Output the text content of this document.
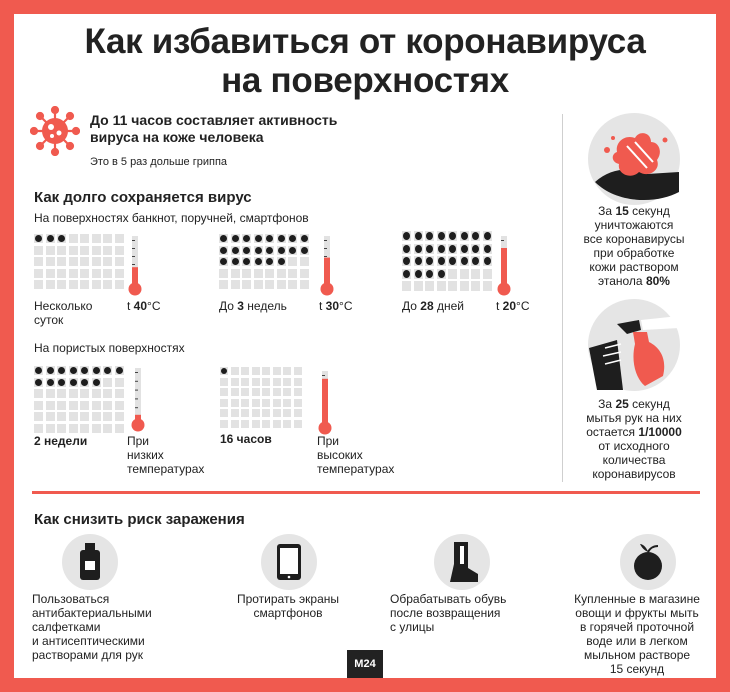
Как избавиться от коронавируса
на поверхностях
До 11 часов составляет активность
вируса на коже человека
Это в 5 раз дольше гриппа
Как долго сохраняется вирус
На поверхностях банкнот, поручней, смартфонов
Несколько
суток
t 40°C	До 3 недель	t 30°C	До 28 дней	t 20°C
На пористых поверхностях
2 недели	При
низких
температурах
16 часов	При
высоких
температурах
За 15 секунд
уничтожаются
все коронавирусы
при обработке
кожи раствором
этанола 80%
За 25 секунд
мытья рук на них
остается 1/10000
от исходного
количества
коронавирусов
Как снизить риск заражения
Пользоваться
антибактериальными
салфетками
и антисептическими
растворами для рук
Протирать экраны
смартфонов
Обрабатывать обувь
после возвращения
с улицы
Купленные в магазине
овощи и фрукты мыть
в горячей проточной
воде или в легком
мыльном растворе
15 секунд
M24
